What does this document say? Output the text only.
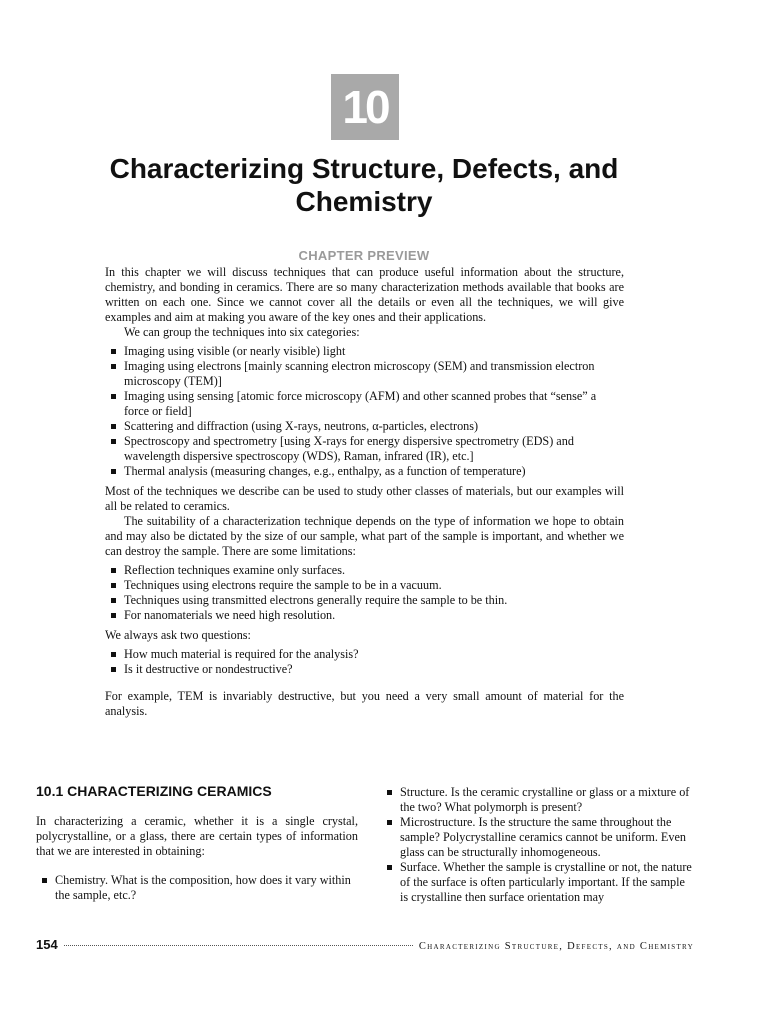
10
Characterizing Structure, Defects, and Chemistry
CHAPTER PREVIEW

In this chapter we will discuss techniques that can produce useful information about the structure, chemistry, and bonding in ceramics. There are so many characterization methods available that books are written on each one. Since we cannot cover all the details or even all the techniques, we will give examples and aim at making you aware of the key ones and their applications.

We can group the techniques into six categories:

Imaging using visible (or nearly visible) light
Imaging using electrons [mainly scanning electron microscopy (SEM) and transmission electron microscopy (TEM)]
Imaging using sensing [atomic force microscopy (AFM) and other scanned probes that “sense” a force or field]
Scattering and diffraction (using X-rays, neutrons, α-particles, electrons)
Spectroscopy and spectrometry [using X-rays for energy dispersive spectrometry (EDS) and wavelength dispersive spectroscopy (WDS), Raman, infrared (IR), etc.]
Thermal analysis (measuring changes, e.g., enthalpy, as a function of temperature)

Most of the techniques we describe can be used to study other classes of materials, but our examples will all be related to ceramics.

The suitability of a characterization technique depends on the type of information we hope to obtain and may also be dictated by the size of our sample, what part of the sample is important, and whether we can destroy the sample. There are some limitations:

Reflection techniques examine only surfaces.
Techniques using electrons require the sample to be in a vacuum.
Techniques using transmitted electrons generally require the sample to be thin.
For nanomaterials we need high resolution.

We always ask two questions:

How much material is required for the analysis?
Is it destructive or nondestructive?

For example, TEM is invariably destructive, but you need a very small amount of material for the analysis.

10.1 CHARACTERIZING CERAMICS

In characterizing a ceramic, whether it is a single crystal, polycrystalline, or a glass, there are certain types of information that we are interested in obtaining:

Chemistry. What is the composition, how does it vary within the sample, etc.?
Structure. Is the ceramic crystalline or glass or a mixture of the two? What polymorph is present?
Microstructure. Is the structure the same throughout the sample? Polycrystalline ceramics cannot be uniform. Even glass can be structurally inhomogeneous.
Surface. Whether the sample is crystalline or not, the nature of the surface is often particularly important. If the sample is crystalline then surface orientation may
154	Characterizing Structure, Defects, and Chemistry
